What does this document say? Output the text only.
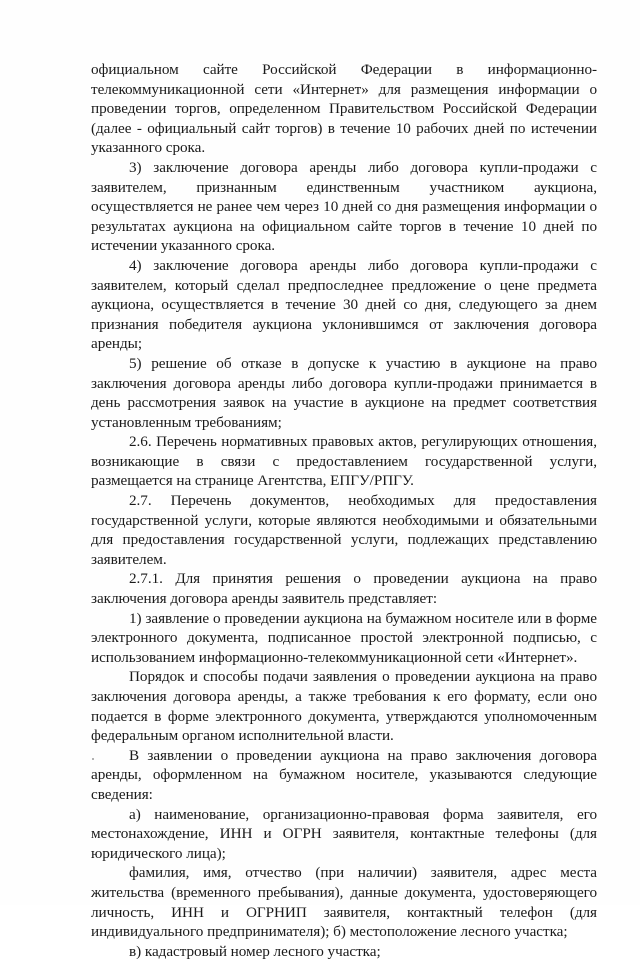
официальном сайте Российской Федерации в информационно-телекоммуникационной сети «Интернет» для размещения информации о проведении торгов, определенном Правительством Российской Федерации (далее - официальный сайт торгов) в течение 10 рабочих дней по истечении указанного срока.

3) заключение договора аренды либо договора купли-продажи с заявителем, признанным единственным участником аукциона, осуществляется не ранее чем через 10 дней со дня размещения информации о результатах аукциона на официальном сайте торгов в течение 10 дней по истечении указанного срока.

4) заключение договора аренды либо договора купли-продажи с заявителем, который сделал предпоследнее предложение о цене предмета аукциона, осуществляется в течение 30 дней со дня, следующего за днем признания победителя аукциона уклонившимся от заключения договора аренды;

5) решение об отказе в допуске к участию в аукционе на право заключения договора аренды либо договора купли-продажи принимается в день рассмотрения заявок на участие в аукционе на предмет соответствия установленным требованиям;

2.6. Перечень нормативных правовых актов, регулирующих отношения, возникающие в связи с предоставлением государственной услуги, размещается на странице Агентства, ЕПГУ/РПГУ.

2.7. Перечень документов, необходимых для предоставления государственной услуги, которые являются необходимыми и обязательными для предоставления государственной услуги, подлежащих представлению заявителем.

2.7.1. Для принятия решения о проведении аукциона на право заключения договора аренды заявитель представляет:

1) заявление о проведении аукциона на бумажном носителе или в форме электронного документа, подписанное простой электронной подписью, с использованием информационно-телекоммуникационной сети «Интернет».

Порядок и способы подачи заявления о проведении аукциона на право заключения договора аренды, а также требования к его формату, если оно подается в форме электронного документа, утверждаются уполномоченным федеральным органом исполнительной власти.

В заявлении о проведении аукциона на право заключения договора аренды, оформленном на бумажном носителе, указываются следующие сведения:

а) наименование, организационно-правовая форма заявителя, его местонахождение, ИНН и ОГРН заявителя, контактные телефоны (для юридического лица);

фамилия, имя, отчество (при наличии) заявителя, адрес места жительства (временного пребывания), данные документа, удостоверяющего личность, ИНН и ОГРНИП заявителя, контактный телефон (для индивидуального предпринимателя); б) местоположение лесного участка;

в) кадастровый номер лесного участка;
